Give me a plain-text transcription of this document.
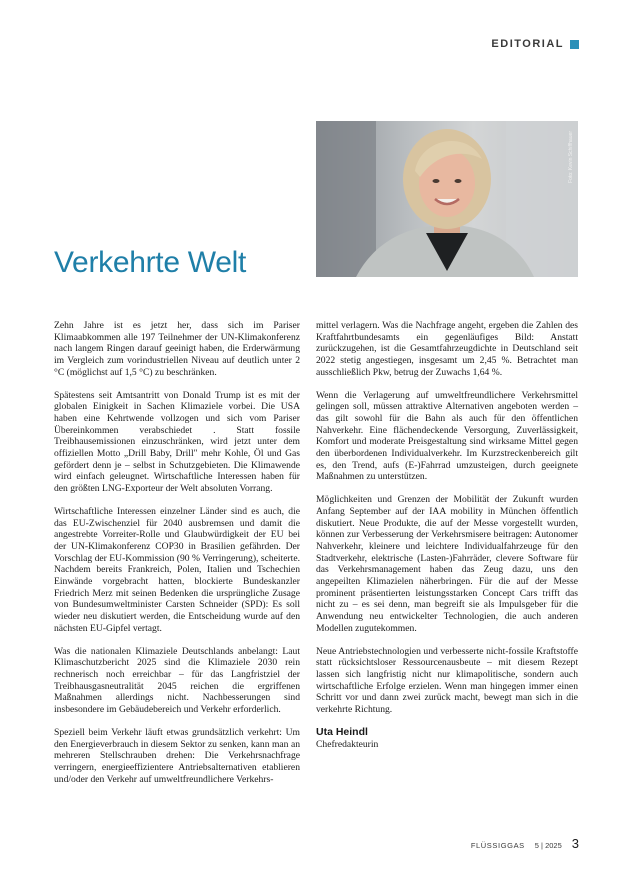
EDITORIAL
Foto: Kevin Schiffhauer
Verkehrte Welt

Zehn Jahre ist es jetzt her, dass sich im Pariser Klimaabkommen alle 197 Teilnehmer der UN-Klimakonferenz nach langem Ringen darauf geeinigt haben, die Erderwärmung im Vergleich zum vorindustriellen Niveau auf deutlich unter 2 °C (möglichst auf 1,5 °C) zu beschränken.

Spätestens seit Amtsantritt von Donald Trump ist es mit der globalen Einigkeit in Sachen Klimaziele vorbei. Die USA haben eine Kehrtwende vollzogen und sich vom Pariser Übereinkommen verabschiedet . Statt fossile Treibhausemissionen einzuschränken, wird jetzt unter dem offiziellen Motto „Drill Baby, Drill" mehr Kohle, Öl und Gas gefördert denn je – selbst in Schutzgebieten. Die Klimawende wird einfach geleugnet. Wirtschaftliche Interessen haben für den größten LNG-Exporteur der Welt absoluten Vorrang.

Wirtschaftliche Interessen einzelner Länder sind es auch, die das EU-Zwischenziel für 2040 ausbremsen und damit die angestrebte Vorreiter-Rolle und Glaubwürdigkeit der EU bei der UN-Klimakonferenz COP30 in Brasilien gefährden. Der Vorschlag der EU-Kommission (90 % Verringerung), scheiterte. Nachdem bereits Frankreich, Polen, Italien und Tschechien Einwände vorgebracht hatten, blockierte Bundeskanzler Friedrich Merz mit seinen Bedenken die ursprüngliche Zusage von Bundesumweltminister Carsten Schneider (SPD): Es soll wieder neu diskutiert werden, die Entscheidung wurde auf den nächsten EU-Gipfel vertagt.

Was die nationalen Klimaziele Deutschlands anbelangt: Laut Klimaschutzbericht 2025 sind die Klimaziele 2030 rein rechnerisch noch erreichbar – für das Langfristziel der Treibhausgasneutralität 2045 reichen die ergriffenen Maßnahmen allerdings nicht. Nachbesserungen sind insbesondere im Gebäudebereich und Verkehr erforderlich.

Speziell beim Verkehr läuft etwas grundsätzlich verkehrt: Um den Energieverbrauch in diesem Sektor zu senken, kann man an mehreren Stellschrauben drehen: Die Verkehrsnachfrage verringern, energieeffizientere Antriebsalternativen etablieren und/oder den Verkehr auf umweltfreundlichere Verkehrs-

mittel verlagern. Was die Nachfrage angeht, ergeben die Zahlen des Kraftfahrtbundesamts ein gegenläufiges Bild: Anstatt zurückzugehen, ist die Gesamtfahrzeugdichte in Deutschland seit 2022 stetig angestiegen, insgesamt um 2,45 %. Betrachtet man ausschließlich Pkw, betrug der Zuwachs 1,64 %.

Wenn die Verlagerung auf umweltfreundlichere Verkehrsmittel gelingen soll, müssen attraktive Alternativen angeboten werden – das gilt sowohl für die Bahn als auch für den öffentlichen Nahverkehr. Eine flächendeckende Versorgung, Zuverlässigkeit, Komfort und moderate Preisgestaltung sind wirksame Mittel gegen den überbordenen Individualverkehr. Im Kurzstreckenbereich gilt es, den Trend, aufs (E-)Fahrrad umzusteigen, durch geeignete Maßnahmen zu unterstützen.

Möglichkeiten und Grenzen der Mobilität der Zukunft wurden Anfang September auf der IAA mobility in München öffentlich diskutiert. Neue Produkte, die auf der Messe vorgestellt wurden, können zur Verbesserung der Verkehrsmisere beitragen: Autonomer Nahverkehr, kleinere und leichtere Individualfahrzeuge für den Stadtverkehr, elektrische (Lasten-)Fahrräder, clevere Software für das Verkehrsmanagement haben das Zeug dazu, uns den angepeilten Klimazielen näherbringen. Für die auf der Messe prominent präsentierten leistungsstarken Concept Cars trifft das nicht zu – es sei denn, man begreift sie als Impulsgeber für die Anwendung neu entwickelter Technologien, die auch anderen Modellen zugutekommen.

Neue Antriebstechnologien und verbesserte nicht-fossile Kraftstoffe statt rücksichtsloser Ressourcenausbeute – mit diesem Rezept lassen sich langfristig nicht nur klimapolitische, sondern auch wirtschaftliche Erfolge erzielen. Wenn man hingegen immer einen Schritt vor und dann zwei zurück macht, bewegt man sich in die verkehrte Richtung.

Uta Heindl
Chefredakteurin
FLÜSSIGGAS 5 | 2025 3
